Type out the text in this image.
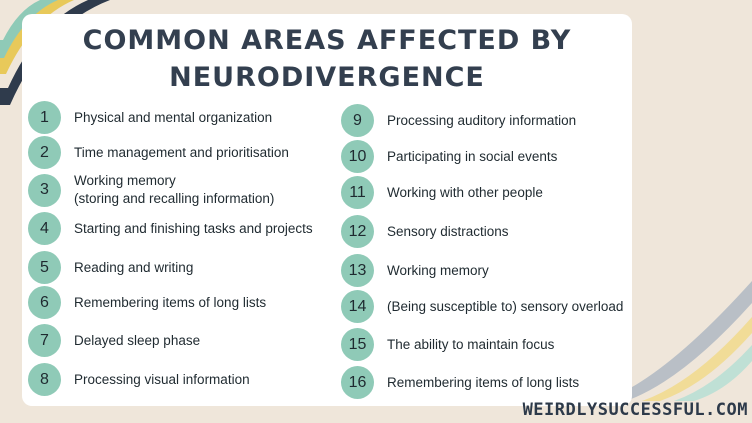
COMMON AREAS AFFECTED BY
NEURODIVERGENCE
1	Physical and mental organization
2	Time management and prioritisation
3
Working memory
(storing and recalling information)
4	Starting and finishing tasks and projects
5	Reading and writing
6	Remembering items of long lists
7	Delayed sleep phase
8	Processing visual information
9	Processing auditory information
10	Participating in social events
11	Working with other people
12	Sensory distractions
13	Working memory
14	(Being susceptible to) sensory overload
15	The ability to maintain focus
16	Remembering items of long lists
WEIRDLYSUCCESSFUL.COM
